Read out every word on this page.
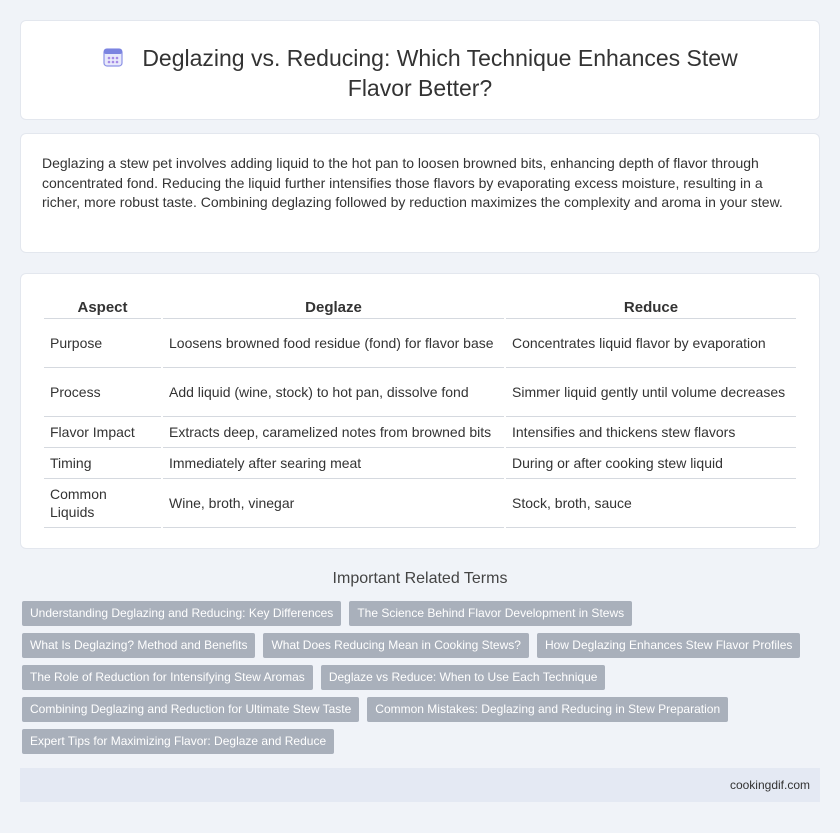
Deglazing vs. Reducing: Which Technique Enhances Stew Flavor Better?

Deglazing a stew pet involves adding liquid to the hot pan to loosen browned bits, enhancing depth of flavor through concentrated fond. Reducing the liquid further intensifies those flavors by evaporating excess moisture, resulting in a richer, more robust taste. Combining deglazing followed by reduction maximizes the complexity and aroma in your stew.

Aspect	Deglaze	Reduce
Purpose	Loosens browned food residue (fond) for flavor base	Concentrates liquid flavor by evaporation
Process	Add liquid (wine, stock) to hot pan, dissolve fond	Simmer liquid gently until volume decreases
Flavor Impact	Extracts deep, caramelized notes from browned bits	Intensifies and thickens stew flavors
Timing	Immediately after searing meat	During or after cooking stew liquid
Common Liquids	Wine, broth, vinegar	Stock, broth, sauce
Important Related Terms
Understanding Deglazing and Reducing: Key Differences	The Science Behind Flavor Development in Stews
What Is Deglazing? Method and Benefits	What Does Reducing Mean in Cooking Stews?	How Deglazing Enhances Stew Flavor Profiles
The Role of Reduction for Intensifying Stew Aromas	Deglaze vs Reduce: When to Use Each Technique
Combining Deglazing and Reduction for Ultimate Stew Taste	Common Mistakes: Deglazing and Reducing in Stew Preparation
Expert Tips for Maximizing Flavor: Deglaze and Reduce
cookingdif.com
